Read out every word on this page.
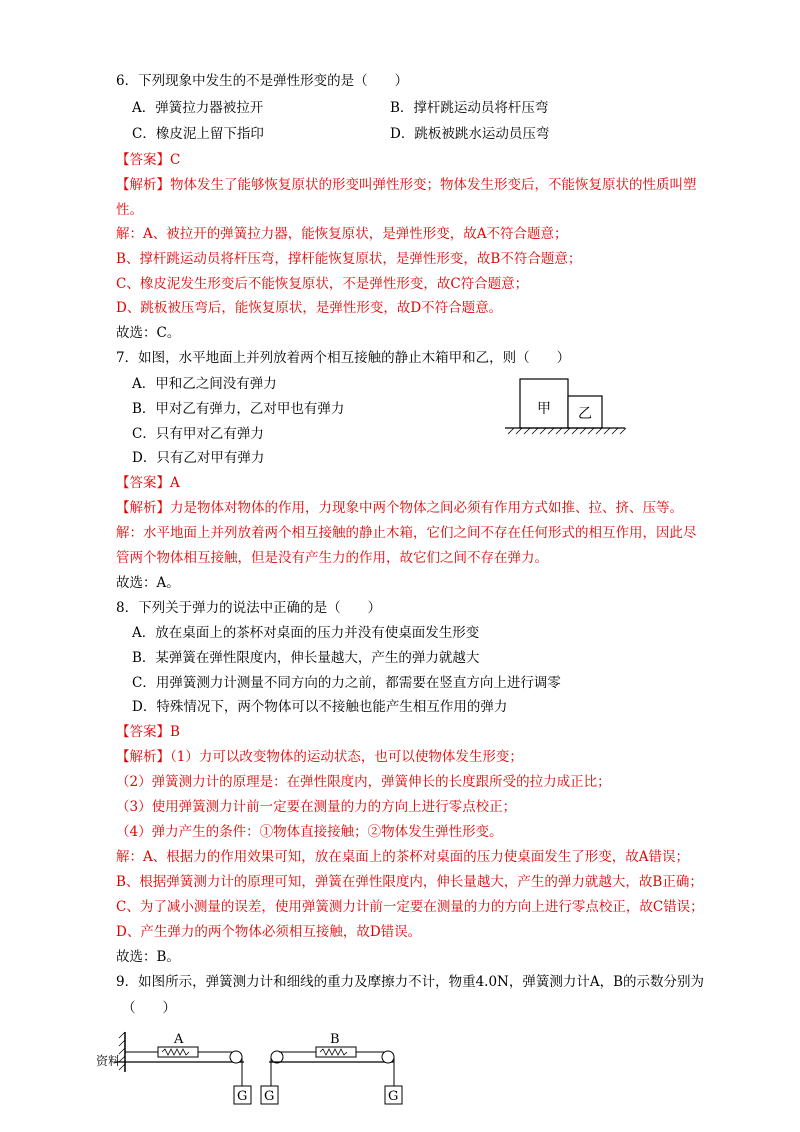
6．下列现象中发生的不是弹性形变的是（　　）
A．弹簧拉力器被拉开	B．撑杆跳运动员将杆压弯
C．橡皮泥上留下指印	D．跳板被跳水运动员压弯
【答案】C
【解析】物体发生了能够恢复原状的形变叫弹性形变；物体发生形变后，不能恢复原状的性质叫塑
性。
解：A、被拉开的弹簧拉力器，能恢复原状，是弹性形变，故A不符合题意；
B、撑杆跳运动员将杆压弯，撑杆能恢复原状，是弹性形变，故B不符合题意；
C、橡皮泥发生形变后不能恢复原状，不是弹性形变，故C符合题意；
D、跳板被压弯后，能恢复原状，是弹性形变，故D不符合题意。
故选：C。
7．如图，水平地面上并列放着两个相互接触的静止木箱甲和乙，则（　　）
A．甲和乙之间没有弹力
B．甲对乙有弹力，乙对甲也有弹力
C．只有甲对乙有弹力
D．只有乙对甲有弹力
甲 乙
【答案】A
【解析】力是物体对物体的作用，力现象中两个物体之间必须有作用方式如推、拉、挤、压等。
解：水平地面上并列放着两个相互接触的静止木箱，它们之间不存在任何形式的相互作用，因此尽
管两个物体相互接触，但是没有产生力的作用，故它们之间不存在弹力。
故选：A。
8．下列关于弹力的说法中正确的是（　　）
A．放在桌面上的茶杯对桌面的压力并没有使桌面发生形变
B．某弹簧在弹性限度内，伸长量越大，产生的弹力就越大
C．用弹簧测力计测量不同方向的力之前，都需要在竖直方向上进行调零
D．特殊情况下，两个物体可以不接触也能产生相互作用的弹力
【答案】B
【解析】（1）力可以改变物体的运动状态，也可以使物体发生形变；
（2）弹簧测力计的原理是：在弹性限度内，弹簧伸长的长度跟所受的拉力成正比；
（3）使用弹簧测力计前一定要在测量的力的方向上进行零点校正；
（4）弹力产生的条件：①物体直接接触；②物体发生弹性形变。
解：A、根据力的作用效果可知，放在桌面上的茶杯对桌面的压力使桌面发生了形变，故A错误；
B、根据弹簧测力计的原理可知，弹簧在弹性限度内，伸长量越大，产生的弹力就越大，故B正确；
C、为了减小测量的误差，使用弹簧测力计前一定要在测量的力的方向上进行零点校正，故C错误；
D、产生弹力的两个物体必须相互接触，故D错误。
故选：B。
9．如图所示，弹簧测力计和细线的重力及摩擦力不计，物重4.0N，弹簧测力计A，B的示数分别为
（　　）
资料
A
G G
B
G
